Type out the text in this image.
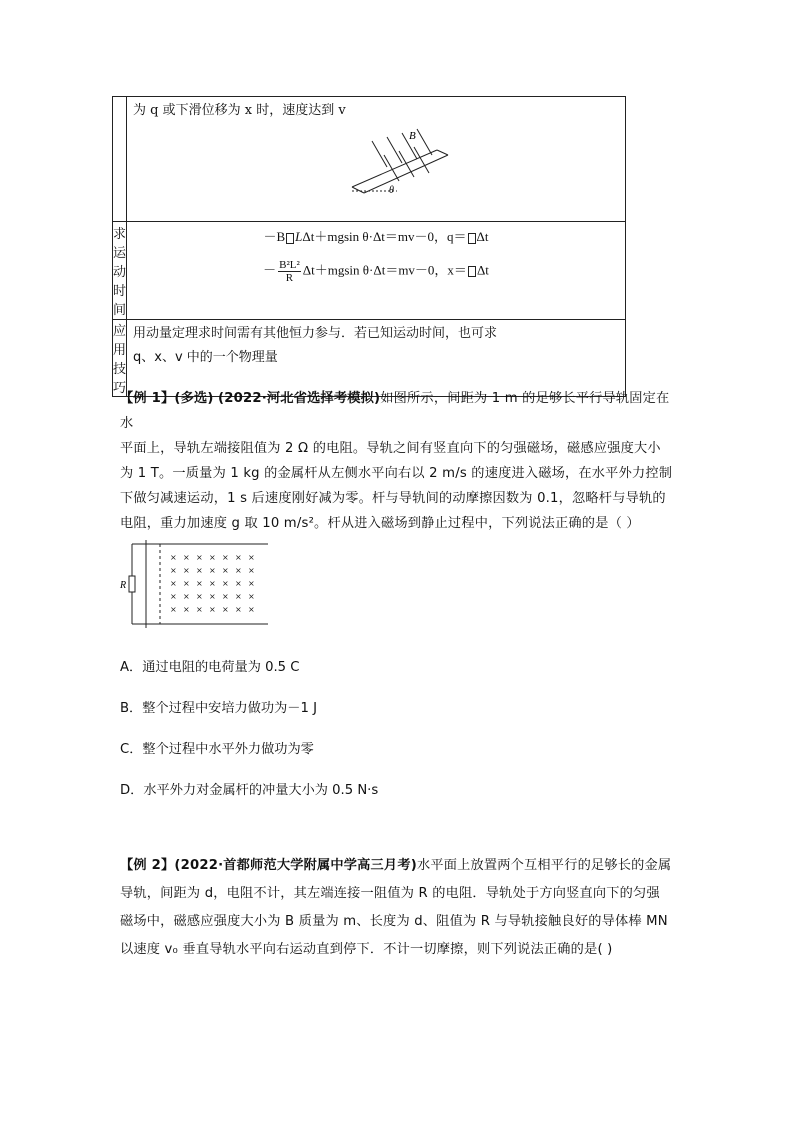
	为 q 或下滑位移为 x 时，速度达到 v
B
θ

求运动时间	－B LΔt＋mgsin θ·Δt＝mv－0，q＝ Δt
－ $\frac{\text{B²L²}}{R} \Delta t+mgsin$ θ·Δt＝mv－0，x＝ Δt

应用技巧	用动量定理求时间需有其他恒力参与．若已知运动时间，也可求
q、x、v 中的一个物理量
【例 1】(多选) (2022·河北省选择考模拟)如图所示，间距为 1 m 的足够长平行导轨固定在水
平面上，导轨左端接阻值为 2 Ω 的电阻。导轨之间有竖直向下的匀强磁场，磁感应强度大小
为 1 T。一质量为 1 kg 的金属杆从左侧水平向右以 2 m/s 的速度进入磁场，在水平外力控制
下做匀减速运动，1 s 后速度刚好减为零。杆与导轨间的动摩擦因数为 0.1，忽略杆与导轨的
电阻，重力加速度 g 取 10 m/s²。杆从进入磁场到静止过程中，下列说法正确的是（ ）
× × × × × × ×
× × × × × × ×
× × × × × × ×
× × × × × × ×
× × × × × × ×
R
A．通过电阻的电荷量为 0.5 C
B．整个过程中安培力做功为－1 J
C．整个过程中水平外力做功为零
D．水平外力对金属杆的冲量大小为 0.5 N·s
【例 2】(2022·首都师范大学附属中学高三月考)水平面上放置两个互相平行的足够长的金属
导轨，间距为 d，电阻不计，其左端连接一阻值为 R 的电阻．导轨处于方向竖直向下的匀强
磁场中，磁感应强度大小为 B 质量为 m、长度为 d、阻值为 R 与导轨接触良好的导体棒 MN
以速度 v₀ 垂直导轨水平向右运动直到停下．不计一切摩擦，则下列说法正确的是( )
